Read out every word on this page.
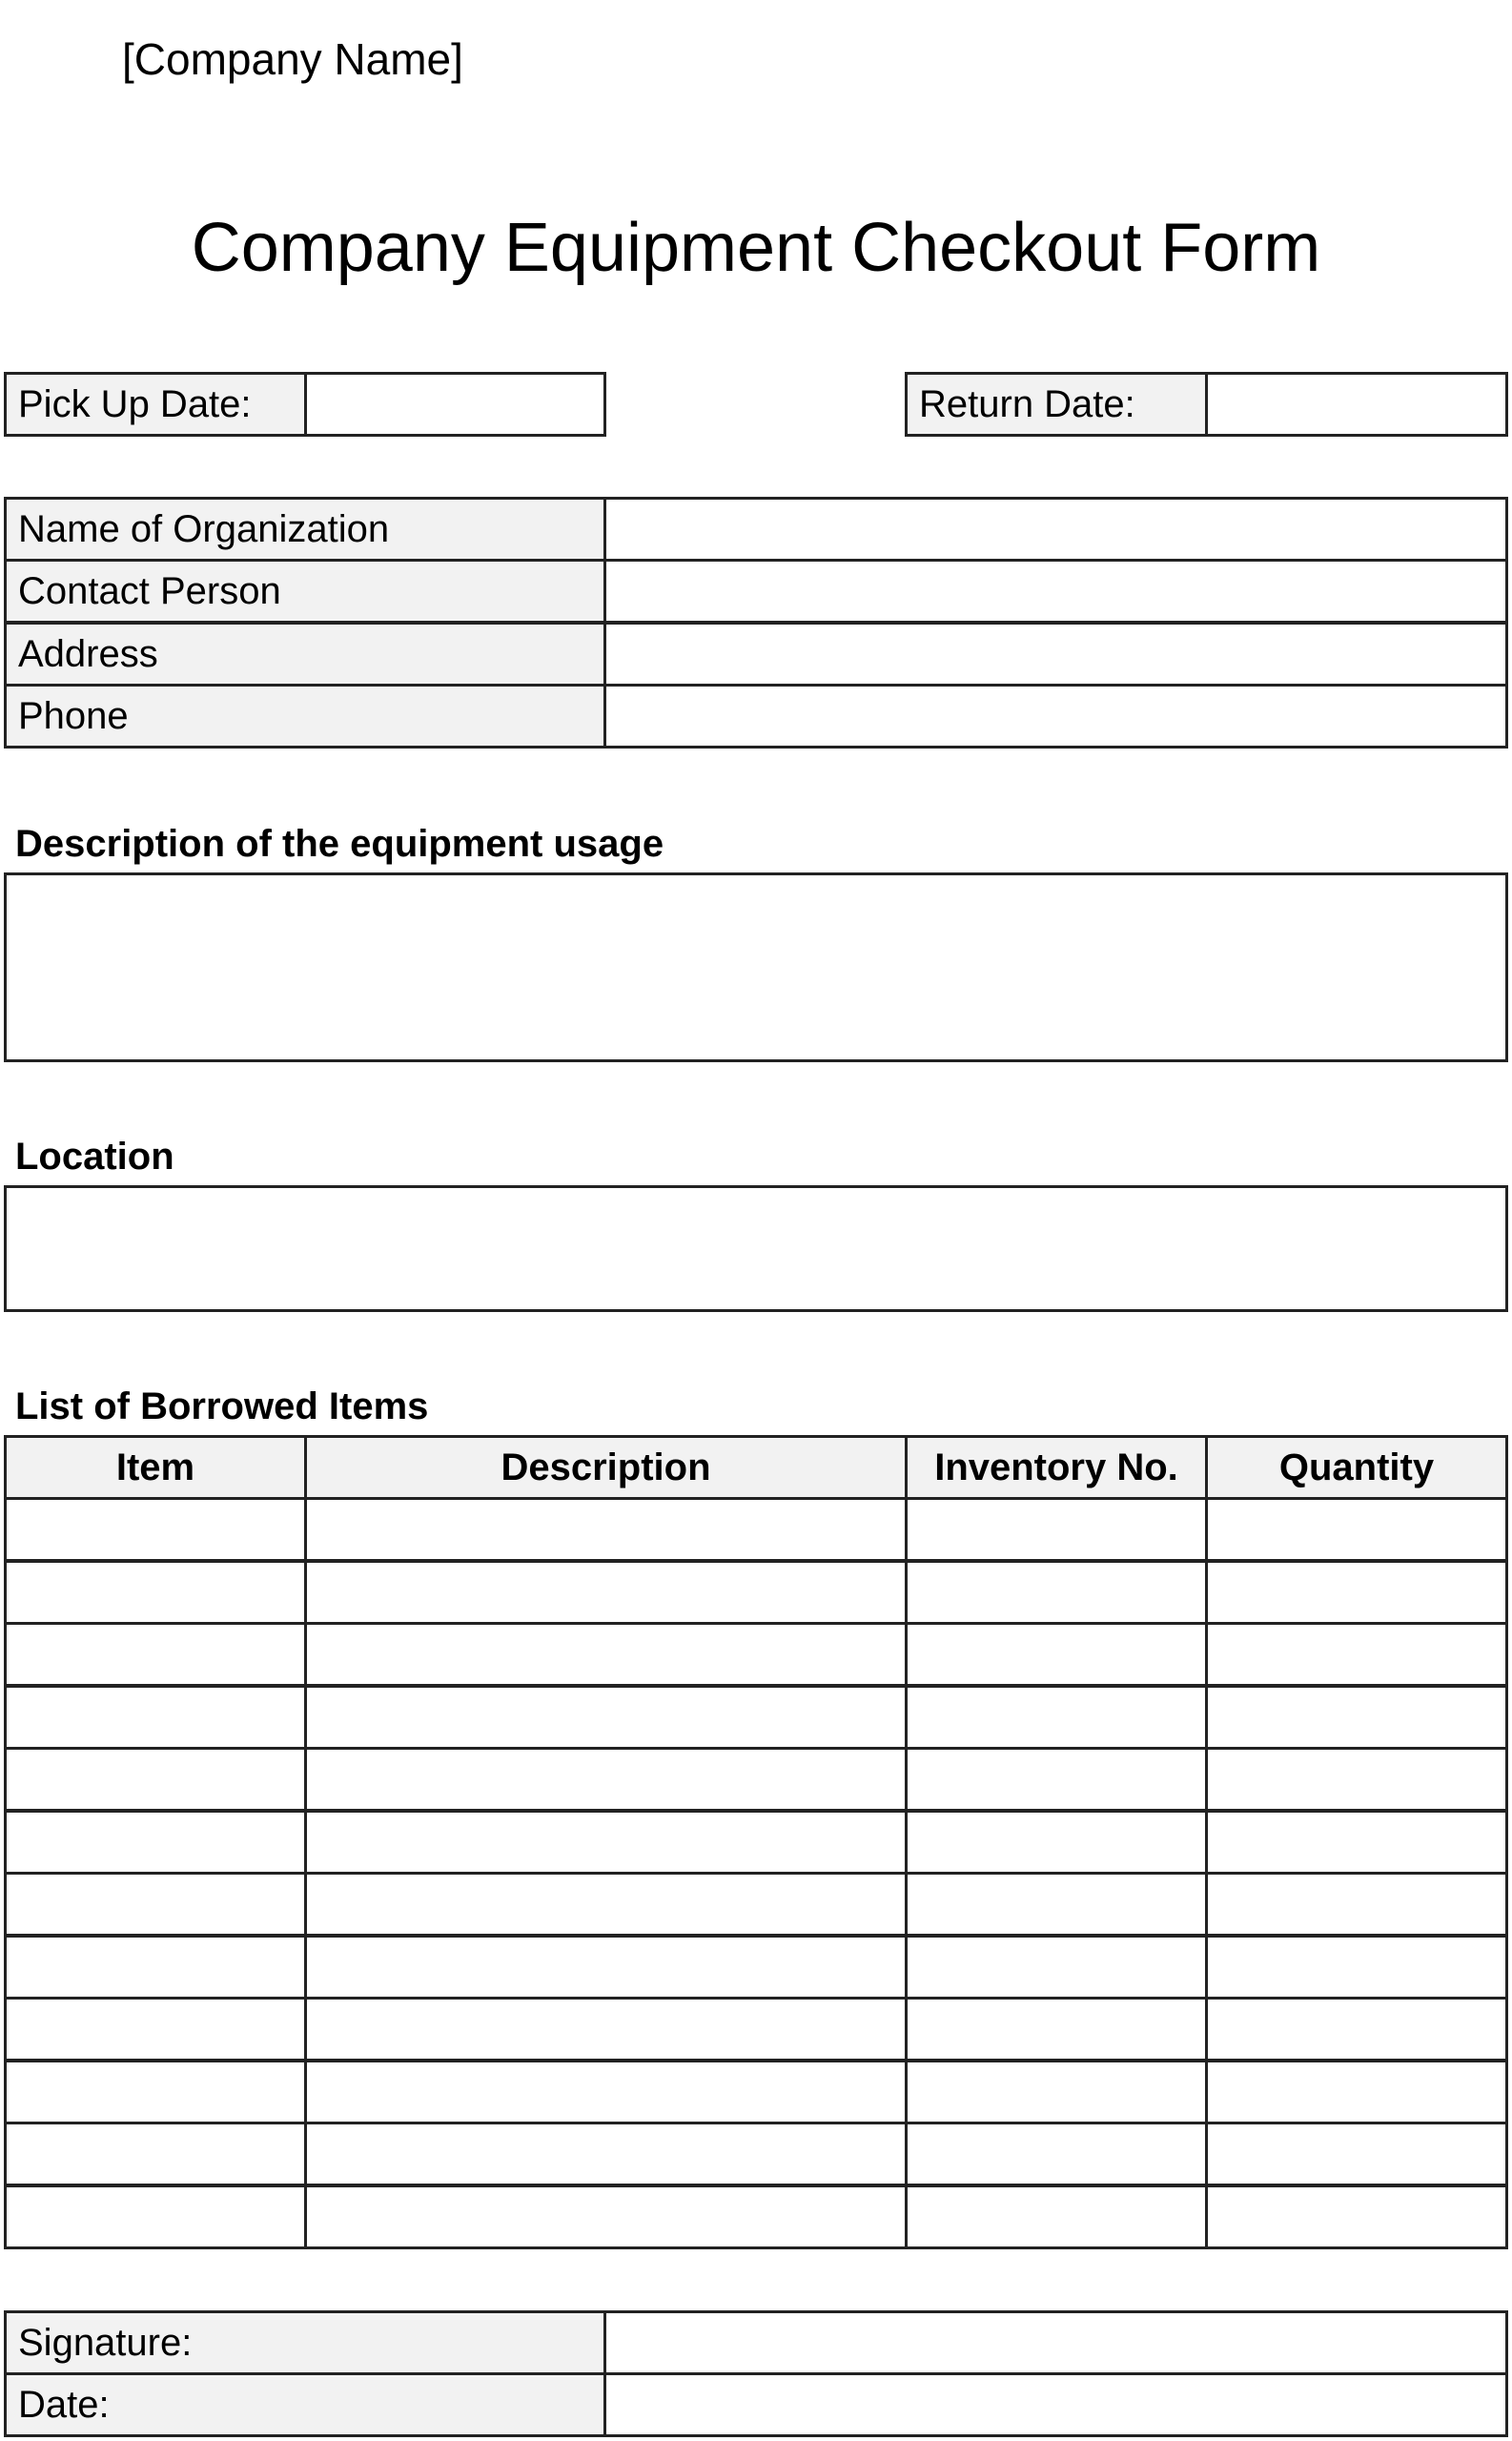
[Company Name]
Company Equipment Checkout Form
Pick Up Date:	Return Date:
Name of Organization
Contact Person
Address
Phone
Description of the equipment usage
Location
List of Borrowed Items
Item	Description	Inventory No.	Quantity
Signature:
Date:
